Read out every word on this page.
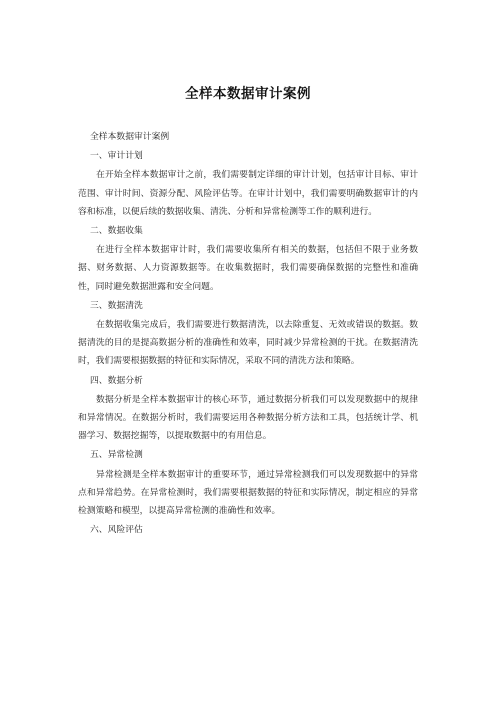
全样本数据审计案例

全样本数据审计案例

一、审计计划

在开始全样本数据审计之前，我们需要制定详细的审计计划，包括审计目标、审计范围、审计时间、资源分配、风险评估等。在审计计划中，我们需要明确数据审计的内容和标准，以便后续的数据收集、清洗、分析和异常检测等工作的顺利进行。

二、数据收集

在进行全样本数据审计时，我们需要收集所有相关的数据，包括但不限于业务数据、财务数据、人力资源数据等。在收集数据时，我们需要确保数据的完整性和准确性，同时避免数据泄露和安全问题。

三、数据清洗

在数据收集完成后，我们需要进行数据清洗，以去除重复、无效或错误的数据。数据清洗的目的是提高数据分析的准确性和效率，同时减少异常检测的干扰。在数据清洗时，我们需要根据数据的特征和实际情况，采取不同的清洗方法和策略。

四、数据分析

数据分析是全样本数据审计的核心环节，通过数据分析我们可以发现数据中的规律和异常情况。在数据分析时，我们需要运用各种数据分析方法和工具，包括统计学、机器学习、数据挖掘等，以提取数据中的有用信息。

五、异常检测

异常检测是全样本数据审计的重要环节，通过异常检测我们可以发现数据中的异常点和异常趋势。在异常检测时，我们需要根据数据的特征和实际情况，制定相应的异常检测策略和模型，以提高异常检测的准确性和效率。

六、风险评估
